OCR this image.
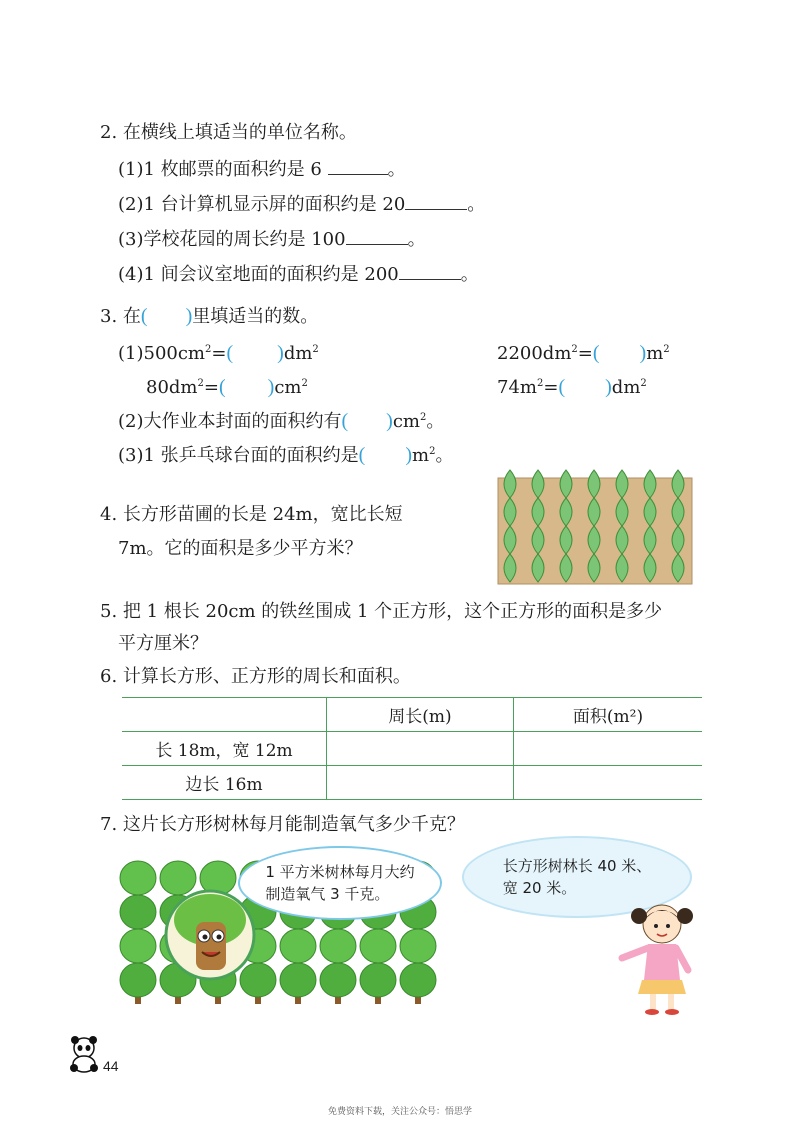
2. 在横线上填适当的单位名称。
(1)1 枚邮票的面积约是 6	。
(2)1 台计算机显示屏的面积约是 20	。
(3)学校花园的周长约是 100	。
(4)1 间会议室地面的面积约是 200	。
3. 在( )里填适当的数。
$(1)500cm^2=$( )$dm^2$	$2200dm^2=$( )$m^2$
$80dm^2=$( )$cm^2$	$74m^2=$( )$dm^2$
(2)大作业本封面的面积约有( )$cm^2$。
(3)1 张乒乓球台面的面积约是( )$m^2$。
4. 长方形苗圃的长是 24m，宽比长短
7m。它的面积是多少平方米？
5. 把 1 根长 20cm 的铁丝围成 1 个正方形，这个正方形的面积是多少
平方厘米？
6. 计算长方形、正方形的周长和面积。
	周长(m)	面积(m²)
长 18m，宽 12m		
边长 16m		
7. 这片长方形树林每月能制造氧气多少千克？
1 平方米树林每月大约
制造氧气 3 千克。
长方形树林长 40 米、
宽 20 米。
44
免费资料下载，关注公众号：悟思学
